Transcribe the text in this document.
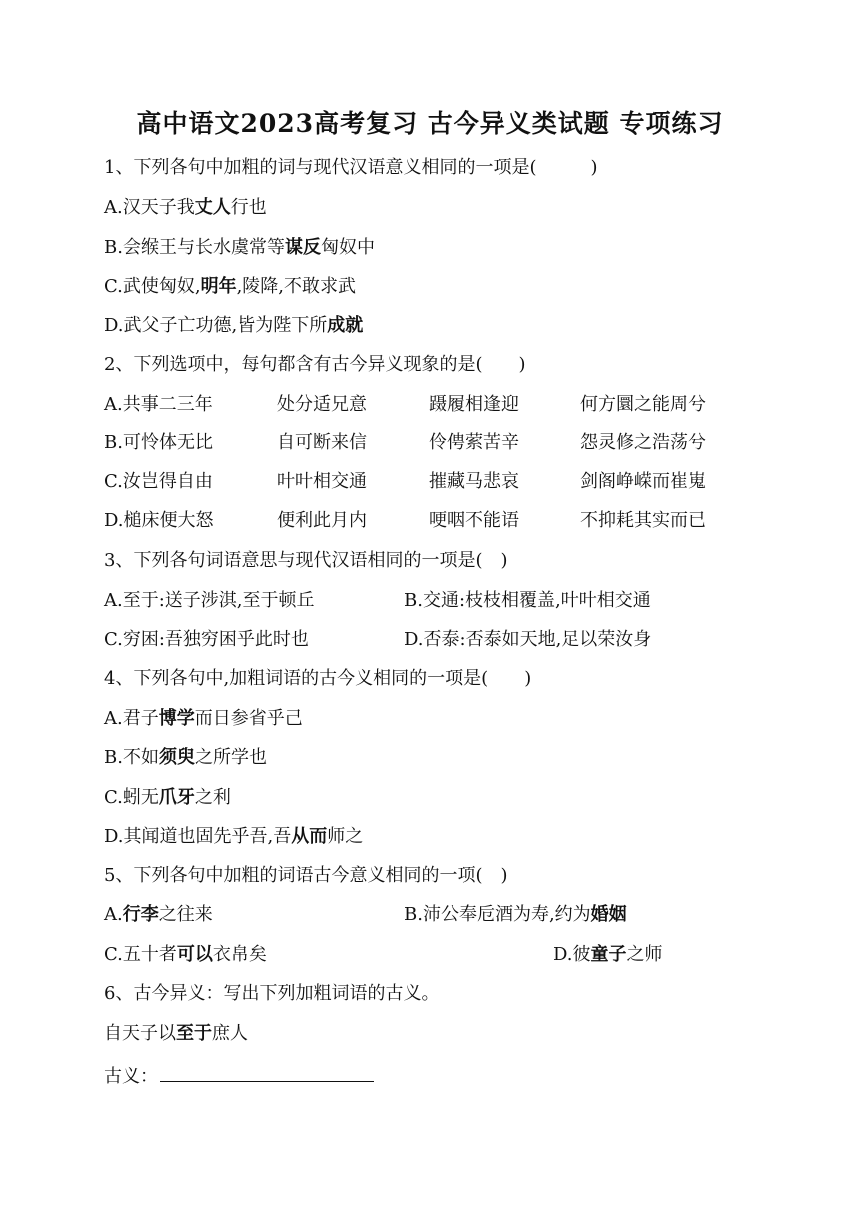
高中语文2023高考复习 古今异义类试题 专项练习
1、下列各句中加粗的词与现代汉语意义相同的一项是(　　　)
A.汉天子我丈人行也
B.会缑王与长水虞常等谋反匈奴中
C.武使匈奴,明年,陵降,不敢求武
D.武父子亡功德,皆为陛下所成就
2、下列选项中，每句都含有古今异义现象的是(　　)
A.共事二三年	处分适兄意	蹑履相逢迎	何方圜之能周兮
B.可怜体无比	自可断来信	伶俜萦苦辛	怨灵修之浩荡兮
C.汝岂得自由	叶叶相交通	摧藏马悲哀	剑阁峥嵘而崔嵬
D.槌床便大怒	便利此月内	哽咽不能语	不抑耗其实而已
3、下列各句词语意思与现代汉语相同的一项是(　)
A.至于:送子涉淇,至于顿丘	B.交通:枝枝相覆盖,叶叶相交通
C.穷困:吾独穷困乎此时也	D.否泰:否泰如天地,足以荣汝身
4、下列各句中,加粗词语的古今义相同的一项是(　　)
A.君子博学而日参省乎己
B.不如须臾之所学也
C.蚓无爪牙之利
D.其闻道也固先乎吾,吾从而师之
5、下列各句中加粗的词语古今意义相同的一项(　)
A.行李之往来	B.沛公奉卮酒为寿,约为婚姻
C.五十者可以衣帛矣	D.彼童子之师
6、古今异义：写出下列加粗词语的古义。
自天子以至于庶人
古义：
